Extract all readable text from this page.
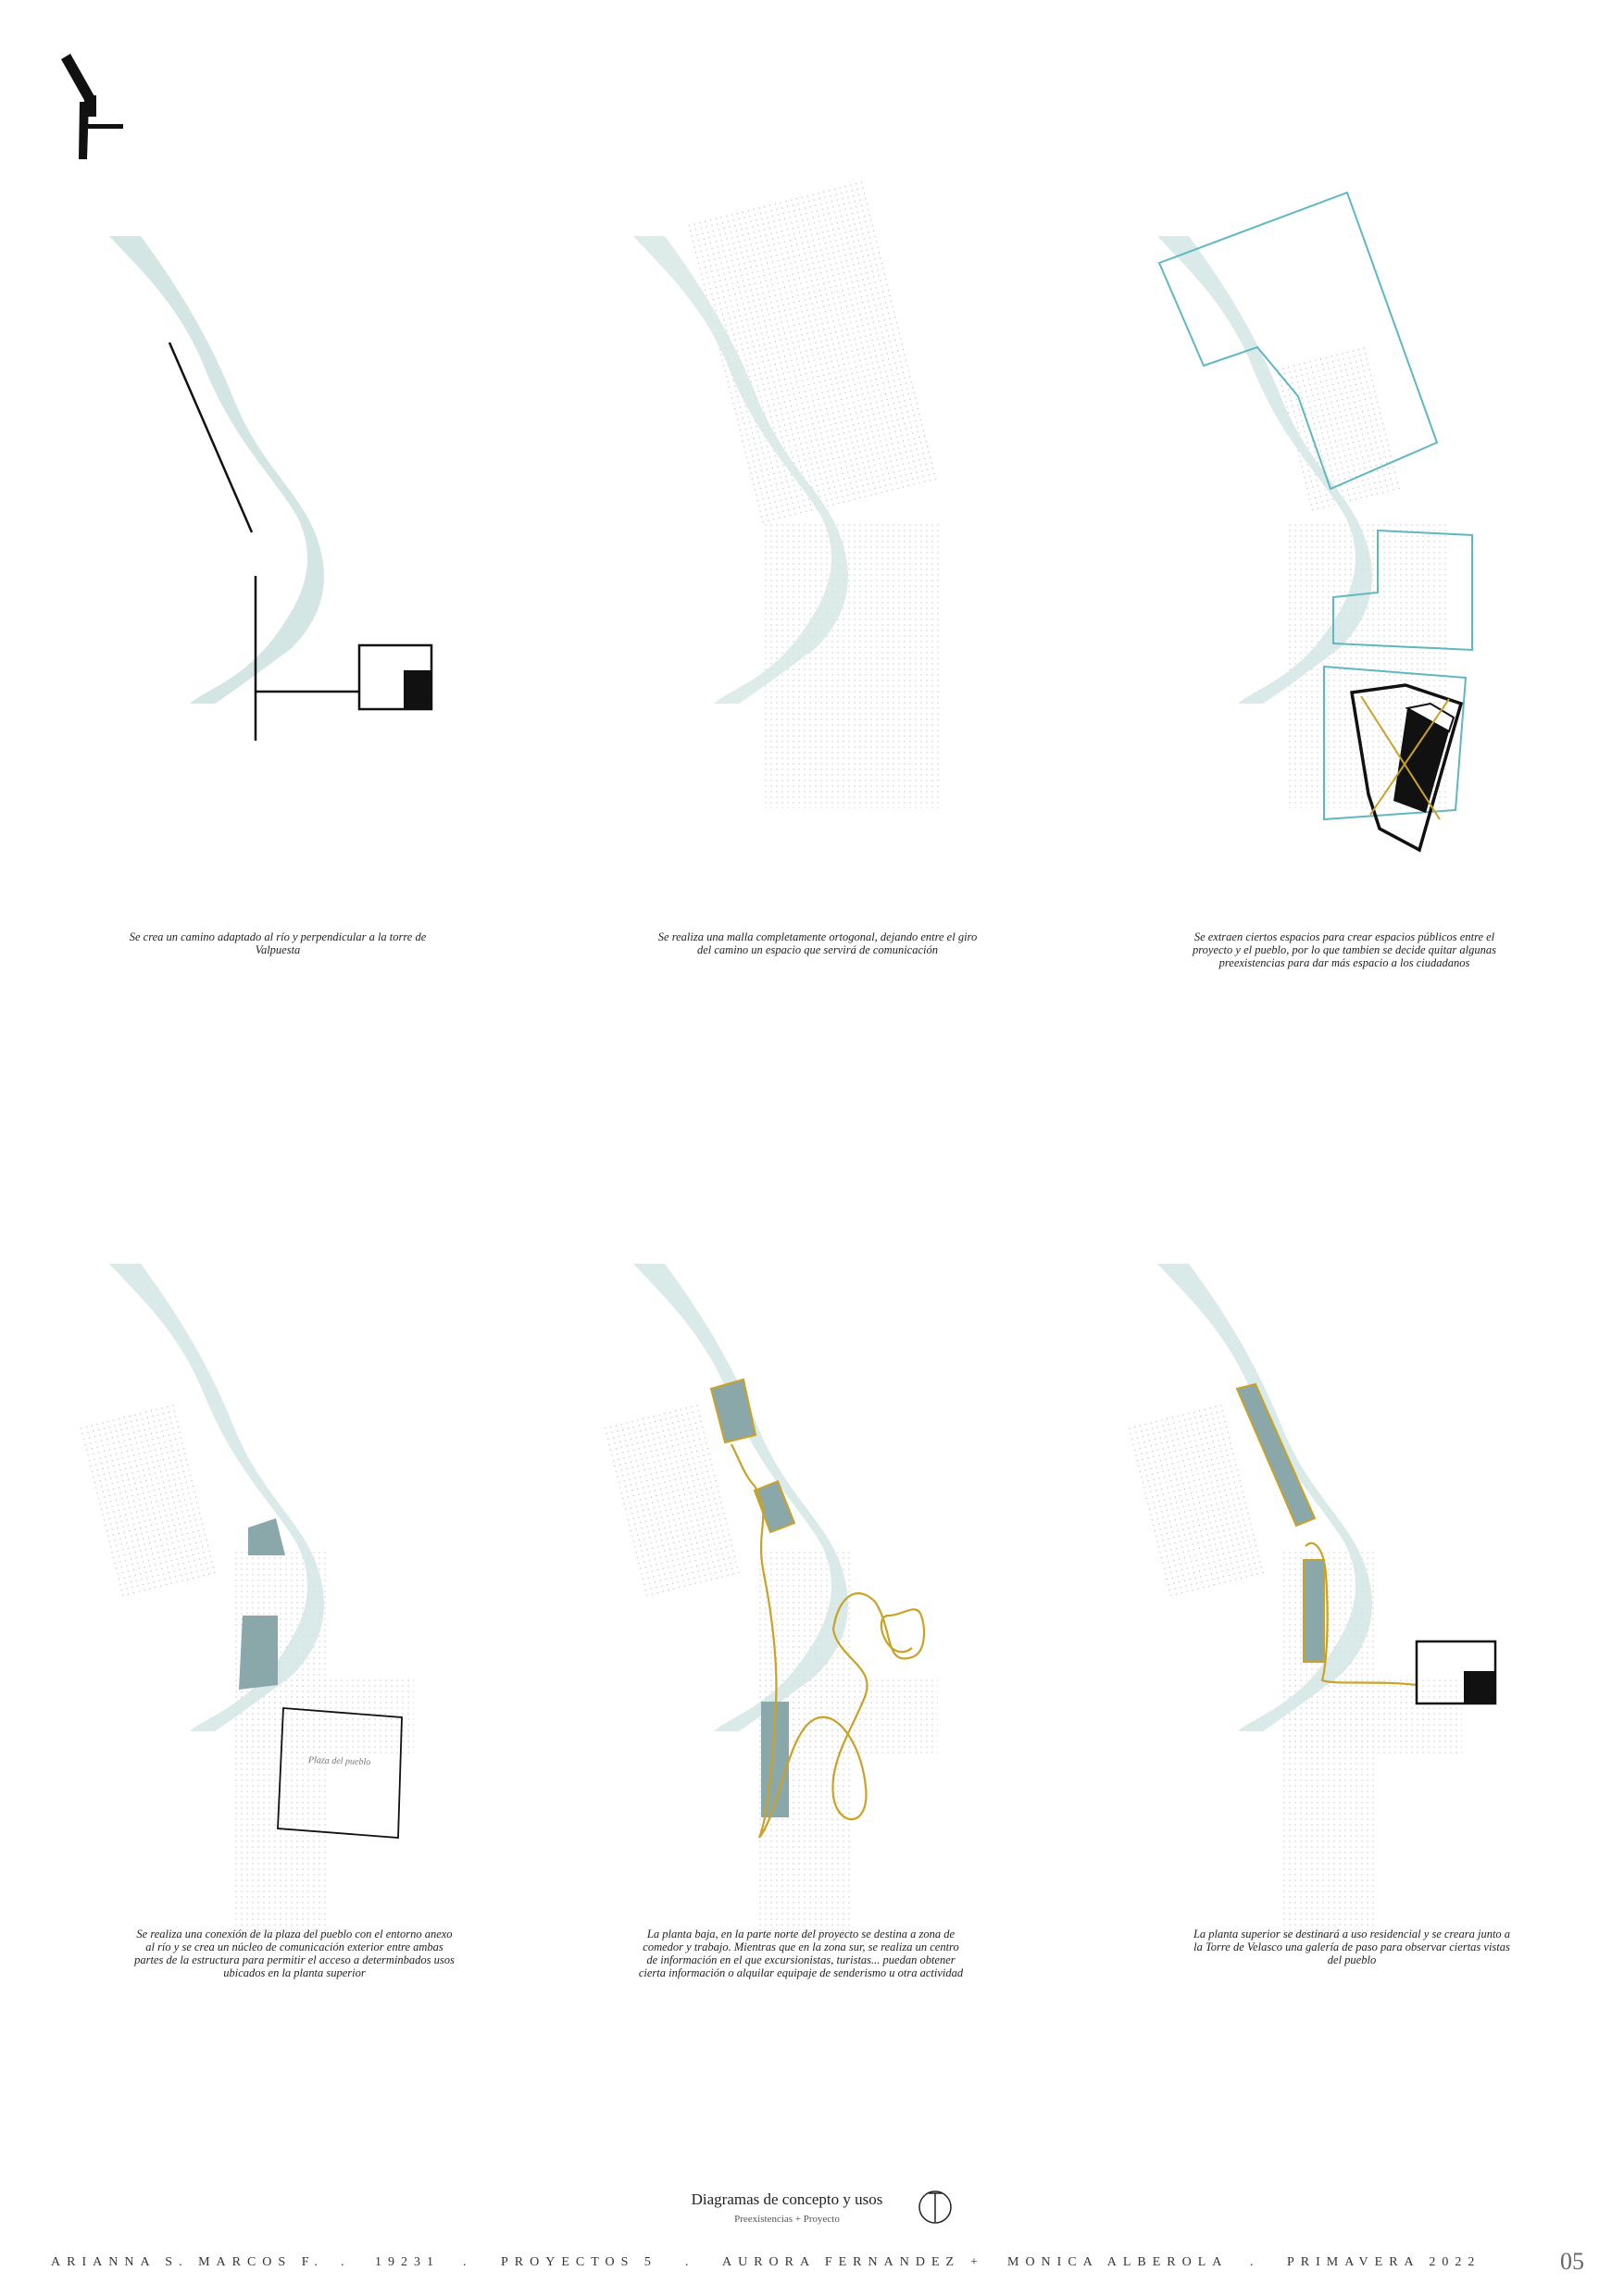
Se crea un camino adaptado al río y perpendicular a la torre de
Valpuesta
Se realiza una malla completamente ortogonal, dejando entre el giro
del camino un espacio que servirá de comunicación
Se extraen ciertos espacios para crear espacios públicos entre el
proyecto y el pueblo, por lo que tambien se decide quitar algunas
preexistencias para dar más espacio a los ciudadanos
Se realiza una conexión de la plaza del pueblo con el entorno anexo
al río y se crea un núcleo de comunicación exterior entre ambas
partes de la estructura para permitir el acceso a determinbados usos
ubicados en la planta superior
La planta baja, en la parte norte del proyecto se destina a zona de
comedor y trabajo. Mientras que en la zona sur, se realiza un centro
de información en el que excursionistas, turistas... puedan obtener
cierta información o alquilar equipaje de senderismo u otra actividad
La planta superior se destinará a uso residencial y se creara junto a
la Torre de Velasco una galería de paso para observar ciertas vistas
del pueblo
Plaza del pueblo
Diagramas de concepto y usos
Preexistencias + Proyecto
ARIANNA S. MARCOS F. . 19231 . PROYECTOS 5 . AURORA FERNANDEZ + MONICA ALBEROLA . PRIMAVERA 2022	05
